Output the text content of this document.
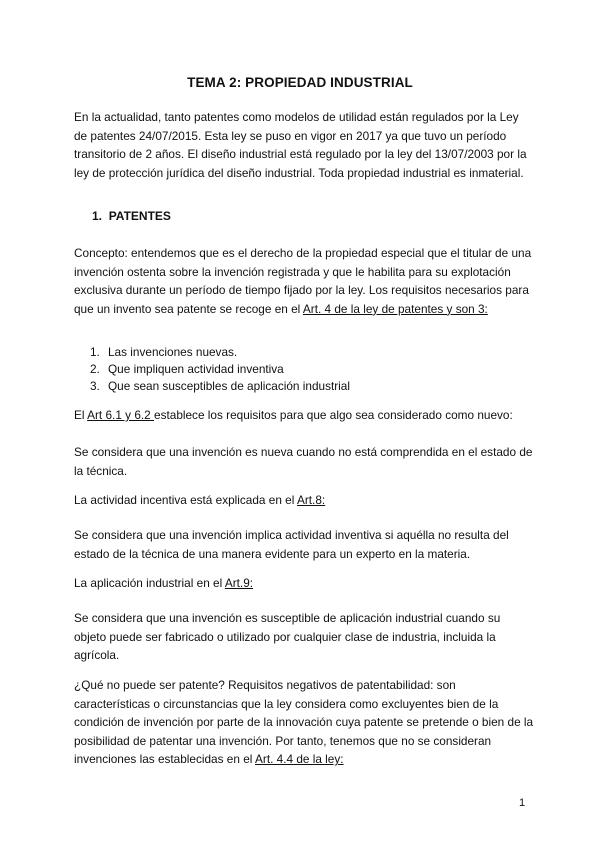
TEMA 2: PROPIEDAD INDUSTRIAL

En la actualidad, tanto patentes como modelos de utilidad están regulados por la Ley de patentes 24/07/2015. Esta ley se puso en vigor en 2017 ya que tuvo un período transitorio de 2 años. El diseño industrial está regulado por la ley del 13/07/2003 por la ley de protección jurídica del diseño industrial. Toda propiedad industrial es inmaterial.

1. PATENTES

Concepto: entendemos que es el derecho de la propiedad especial que el titular de una invención ostenta sobre la invención registrada y que le habilita para su explotación exclusiva durante un período de tiempo fijado por la ley. Los requisitos necesarios para que un invento sea patente se recoge en el Art. 4 de la ley de patentes y son 3:

1. Las invenciones nuevas.
2. Que impliquen actividad inventiva
3. Que sean susceptibles de aplicación industrial

El Art 6.1 y 6.2 establece los requisitos para que algo sea considerado como nuevo:

Se considera que una invención es nueva cuando no está comprendida en el estado de la técnica.

La actividad incentiva está explicada en el Art.8:

Se considera que una invención implica actividad inventiva si aquélla no resulta del estado de la técnica de una manera evidente para un experto en la materia.

La aplicación industrial en el Art.9:

Se considera que una invención es susceptible de aplicación industrial cuando su objeto puede ser fabricado o utilizado por cualquier clase de industria, incluida la agrícola.

¿Qué no puede ser patente? Requisitos negativos de patentabilidad: son características o circunstancias que la ley considera como excluyentes bien de la condición de invención por parte de la innovación cuya patente se pretende o bien de la posibilidad de patentar una invención. Por tanto, tenemos que no se consideran invenciones las establecidas en el Art. 4.4 de la ley:

1
